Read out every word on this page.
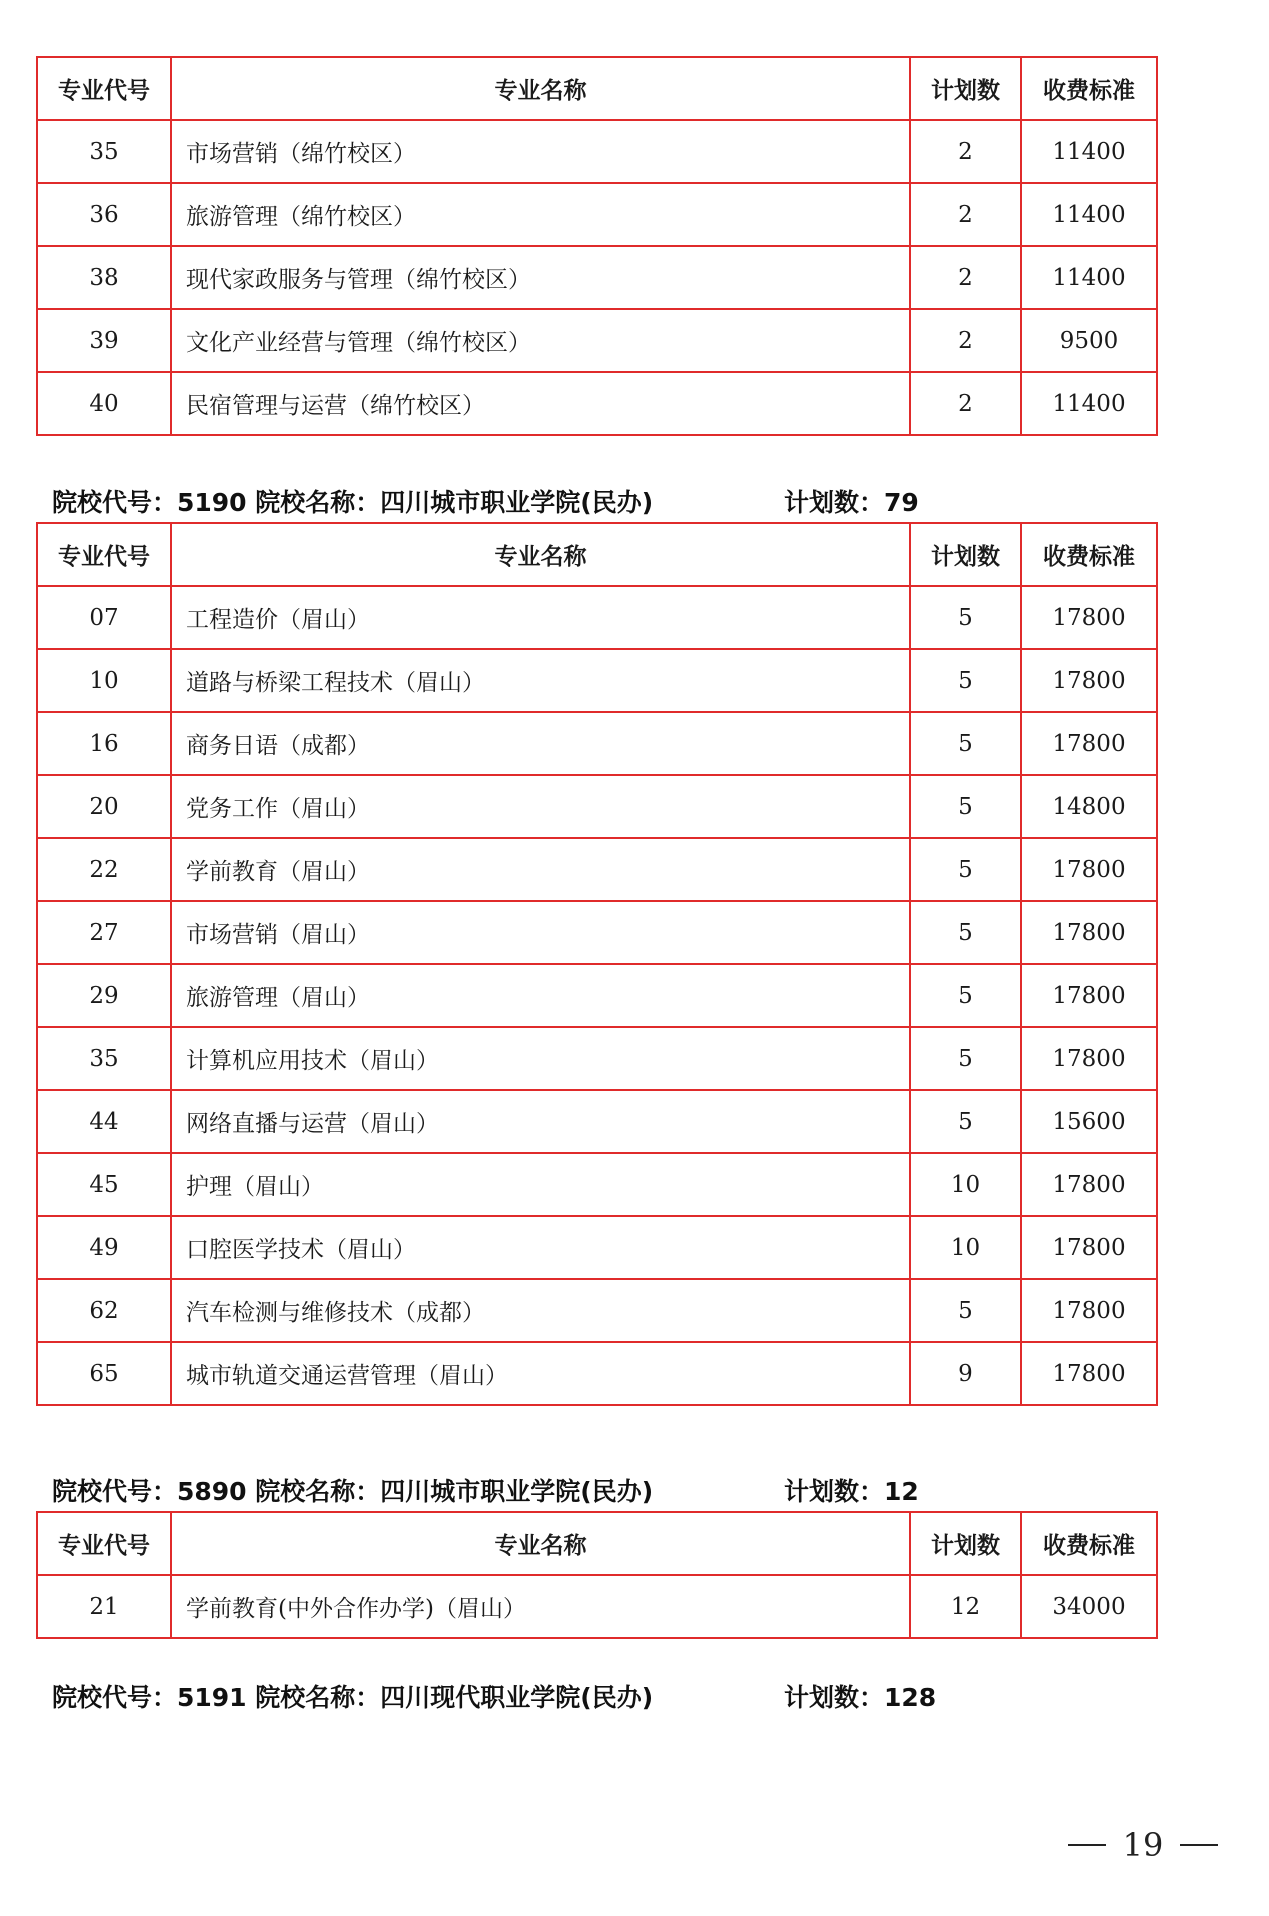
专业代号	专业名称	计划数	收费标准
35	市场营销（绵竹校区）	2	11400
36	旅游管理（绵竹校区）	2	11400
38	现代家政服务与管理（绵竹校区）	2	11400
39	文化产业经营与管理（绵竹校区）	2	9500
40	民宿管理与运营（绵竹校区）	2	11400
院校代号：5190 院校名称：四川城市职业学院(民办)	计划数：79
专业代号	专业名称	计划数	收费标准
07	工程造价（眉山）	5	17800
10	道路与桥梁工程技术（眉山）	5	17800
16	商务日语（成都）	5	17800
20	党务工作（眉山）	5	14800
22	学前教育（眉山）	5	17800
27	市场营销（眉山）	5	17800
29	旅游管理（眉山）	5	17800
35	计算机应用技术（眉山）	5	17800
44	网络直播与运营（眉山）	5	15600
45	护理（眉山）	10	17800
49	口腔医学技术（眉山）	10	17800
62	汽车检测与维修技术（成都）	5	17800
65	城市轨道交通运营管理（眉山）	9	17800
院校代号：5890 院校名称：四川城市职业学院(民办)	计划数：12
专业代号	专业名称	计划数	收费标准
21	学前教育(中外合作办学)（眉山）	12	34000
院校代号：5191 院校名称：四川现代职业学院(民办)	计划数：128
19
